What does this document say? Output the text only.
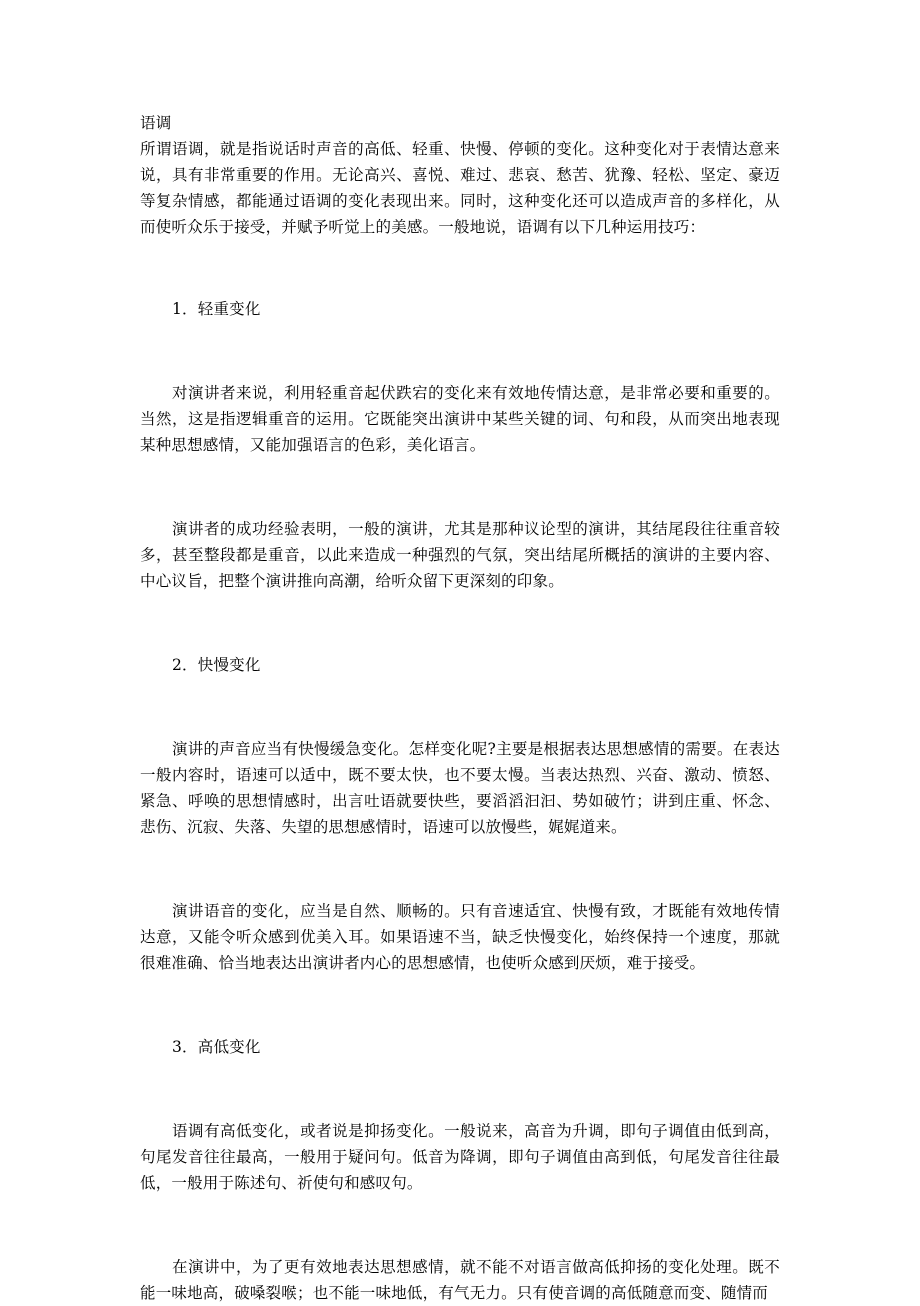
语调

所谓语调，就是指说话时声音的高低、轻重、快慢、停顿的变化。这种变化对于表情达意来说，具有非常重要的作用。无论高兴、喜悦、难过、悲哀、愁苦、犹豫、轻松、坚定、豪迈等复杂情感，都能通过语调的变化表现出来。同时，这种变化还可以造成声音的多样化，从而使听众乐于接受，并赋予听觉上的美感。一般地说，语调有以下几种运用技巧：

1．轻重变化

对演讲者来说，利用轻重音起伏跌宕的变化来有效地传情达意，是非常必要和重要的。当然，这是指逻辑重音的运用。它既能突出演讲中某些关键的词、句和段，从而突出地表现某种思想感情，又能加强语言的色彩，美化语言。

演讲者的成功经验表明，一般的演讲，尤其是那种议论型的演讲，其结尾段往往重音较多，甚至整段都是重音，以此来造成一种强烈的气氛，突出结尾所概括的演讲的主要内容、中心议旨，把整个演讲推向高潮，给听众留下更深刻的印象。

2．快慢变化

演讲的声音应当有快慢缓急变化。怎样变化呢?主要是根据表达思想感情的需要。在表达一般内容时，语速可以适中，既不要太快，也不要太慢。当表达热烈、兴奋、激动、愤怒、紧急、呼唤的思想情感时，出言吐语就要快些，要滔滔汩汩、势如破竹；讲到庄重、怀念、悲伤、沉寂、失落、失望的思想感情时，语速可以放慢些，娓娓道来。

演讲语音的变化，应当是自然、顺畅的。只有音速适宜、快慢有致，才既能有效地传情达意，又能令听众感到优美入耳。如果语速不当，缺乏快慢变化，始终保持一个速度，那就很难准确、恰当地表达出演讲者内心的思想感情，也使听众感到厌烦，难于接受。

3．高低变化

语调有高低变化，或者说是抑扬变化。一般说来，高音为升调，即句子调值由低到高，句尾发音往往最高，一般用于疑问句。低音为降调，即句子调值由高到低，句尾发音往往最低，一般用于陈述句、祈使句和感叹句。

在演讲中，为了更有效地表达思想感情，就不能不对语言做高低抑扬的变化处理。既不能一味地高，破嗓裂喉；也不能一味地低，有气无力。只有使音调的高低随意而变、随情而
